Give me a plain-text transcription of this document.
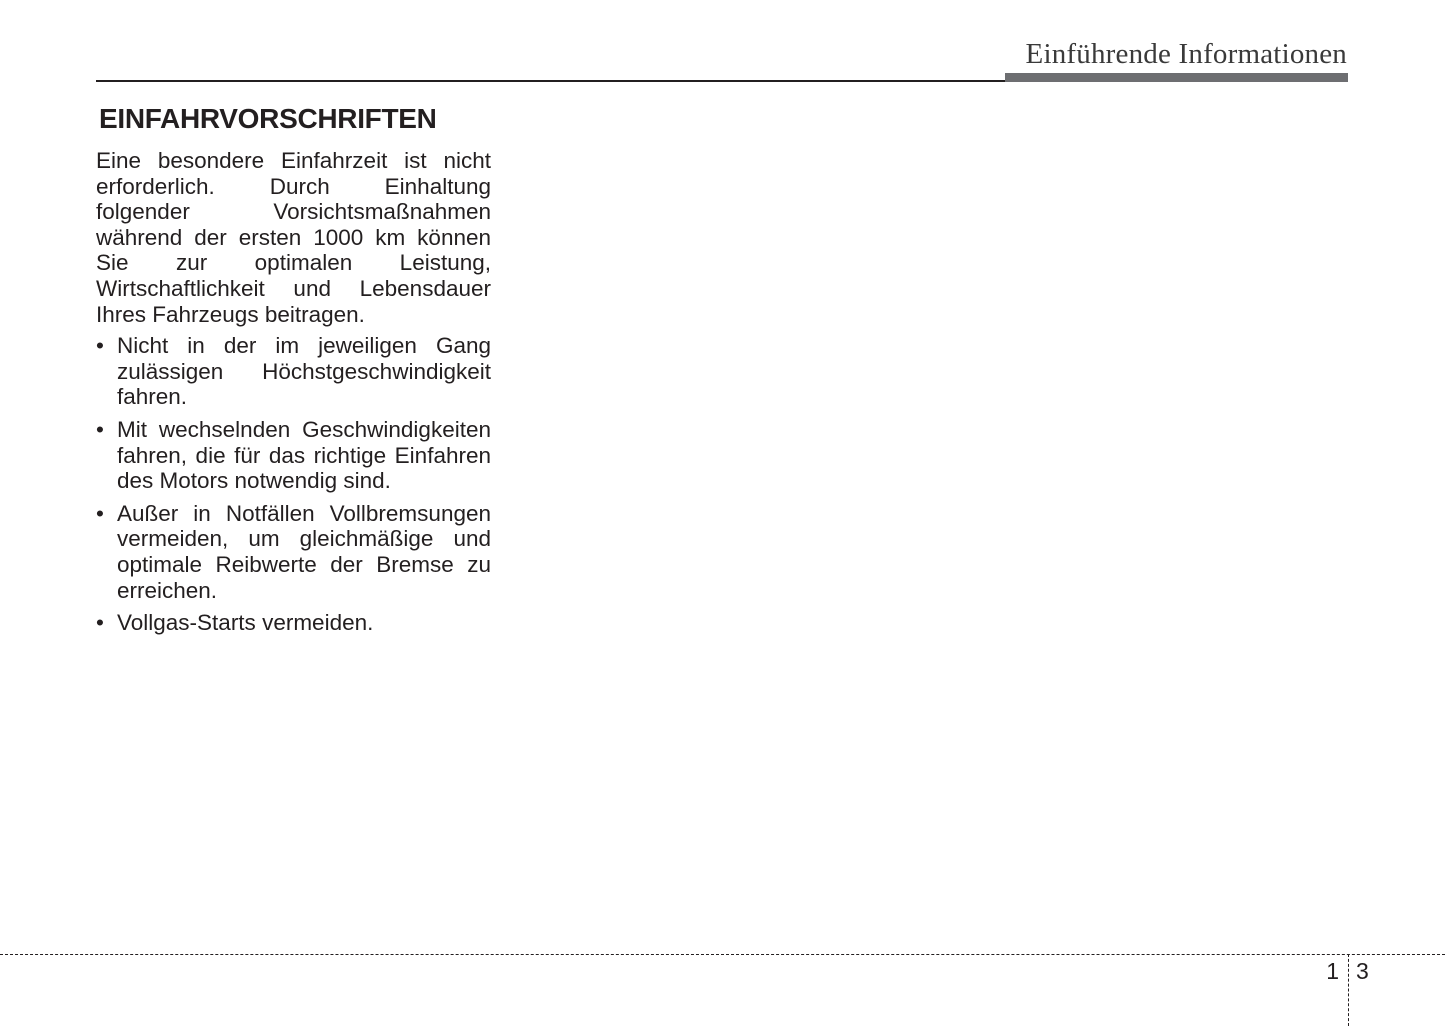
Einführende Informationen
EINFAHRVORSCHRIFTEN

Eine besondere Einfahrzeit ist nicht erforderlich. Durch Einhaltung folgender Vorsichtsmaßnahmen während der ersten 1000 km können Sie zur optimalen Leistung, Wirtschaftlichkeit und Lebensdauer Ihres Fahrzeugs beitragen.

• Nicht in der im jeweiligen Gang zulässigen Höchstgeschwindigkeit fahren.
• Mit wechselnden Geschwindigkeiten fahren, die für das richtige Einfahren des Motors notwendig sind.
• Außer in Notfällen Vollbremsungen vermeiden, um gleichmäßige und optimale Reibwerte der Bremse zu erreichen.
• Vollgas-Starts vermeiden.
1 3
